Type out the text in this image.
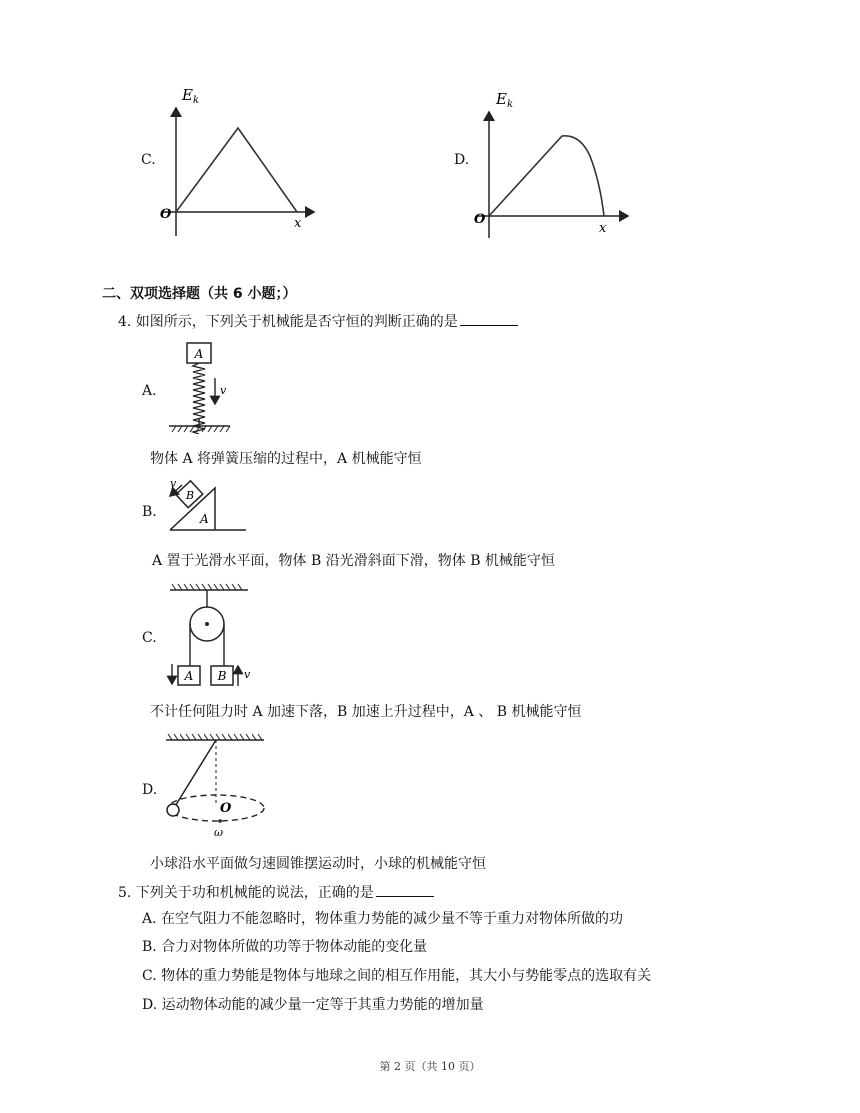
C.
$E_k$
O
x
D.
$E_k$
O
x
二、双项选择题（共 6 小题；）
4. 如图所示，下列关于机械能是否守恒的判断正确的是
A.
A
v
物体 A 将弹簧压缩的过程中，A 机械能守恒
B.	A
B
v
A 置于光滑水平面，物体 B 沿光滑斜面下滑，物体 B 机械能守恒
C.
A B v
不计任何阻力时 A 加速下落，B 加速上升过程中，A 、 B 机械能守恒
D.
O
ω
小球沿水平面做匀速圆锥摆运动时，小球的机械能守恒
5. 下列关于功和机械能的说法，正确的是
A. 在空气阻力不能忽略时，物体重力势能的减少量不等于重力对物体所做的功
B. 合力对物体所做的功等于物体动能的变化量
C. 物体的重力势能是物体与地球之间的相互作用能，其大小与势能零点的选取有关
D. 运动物体动能的减少量一定等于其重力势能的增加量
第 2 页（共 10 页）
